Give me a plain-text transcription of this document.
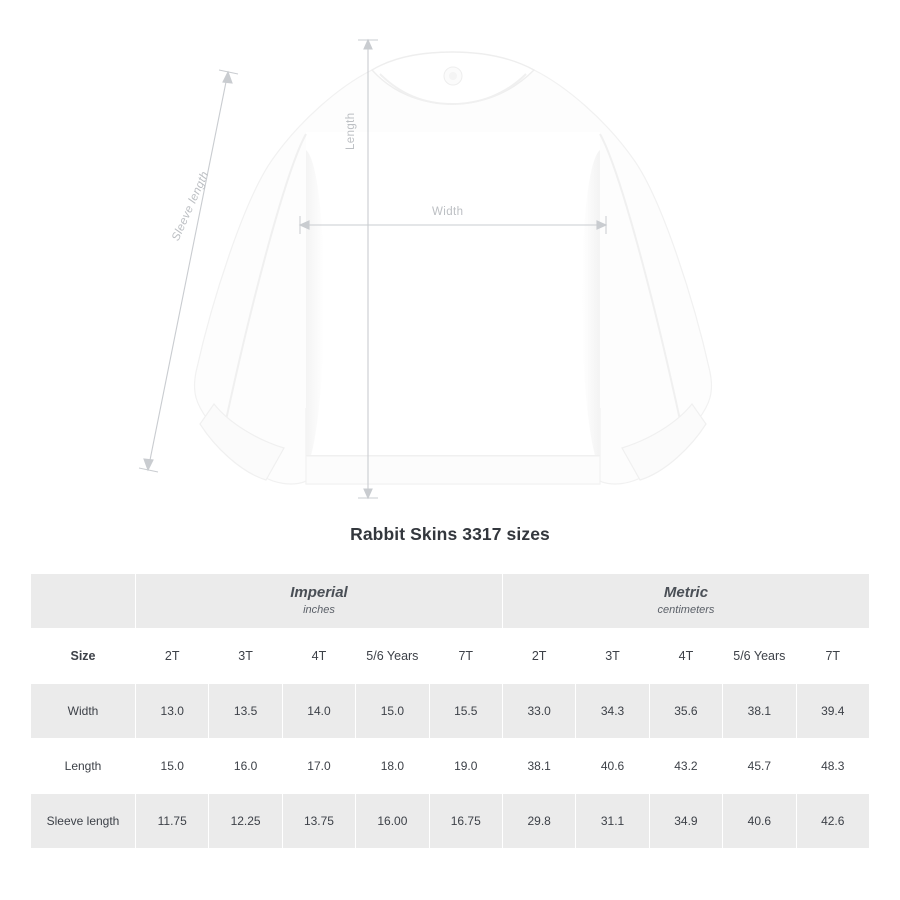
Width
Length
Sleeve length
Rabbit Skins 3317 sizes

	Imperial
inches					Metric
centimeters				

Size	2T	3T	4T	5/6 Years	7T	2T	3T	4T	5/6 Years	7T
Width	13.0	13.5	14.0	15.0	15.5	33.0	34.3	35.6	38.1	39.4
Length	15.0	16.0	17.0	18.0	19.0	38.1	40.6	43.2	45.7	48.3
Sleeve length	11.75	12.25	13.75	16.00	16.75	29.8	31.1	34.9	40.6	42.6
